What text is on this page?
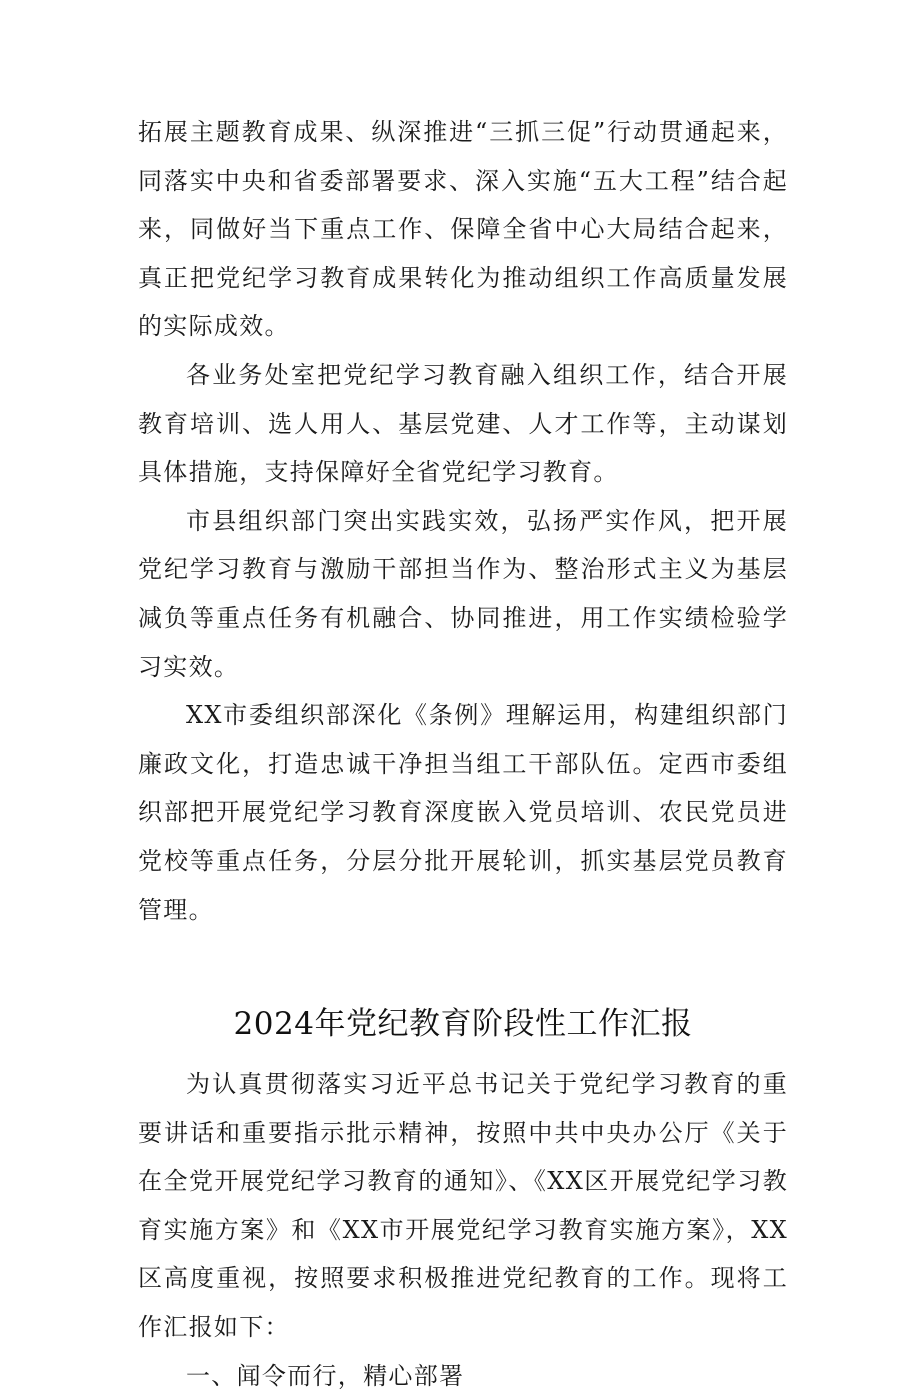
拓展主题教育成果、纵深推进“三抓三促”行动贯通起来，同落实中央和省委部署要求、深入实施“五大工程”结合起来，同做好当下重点工作、保障全省中心大局结合起来，真正把党纪学习教育成果转化为推动组织工作高质量发展的实际成效。

各业务处室把党纪学习教育融入组织工作，结合开展教育培训、选人用人、基层党建、人才工作等，主动谋划具体措施，支持保障好全省党纪学习教育。

市县组织部门突出实践实效，弘扬严实作风，把开展党纪学习教育与激励干部担当作为、整治形式主义为基层减负等重点任务有机融合、协同推进，用工作实绩检验学习实效。

XX市委组织部深化《条例》理解运用，构建组织部门廉政文化，打造忠诚干净担当组工干部队伍。定西市委组织部把开展党纪学习教育深度嵌入党员培训、农民党员进党校等重点任务，分层分批开展轮训，抓实基层党员教育管理。

2024年党纪教育阶段性工作汇报

为认真贯彻落实习近平总书记关于党纪学习教育的重要讲话和重要指示批示精神，按照中共中央办公厅《关于在全党开展党纪学习教育的通知》、《XX区开展党纪学习教育实施方案》和《XX市开展党纪学习教育实施方案》，XX区高度重视，按照要求积极推进党纪教育的工作。现将工作汇报如下：

一、闻令而行，精心部署
